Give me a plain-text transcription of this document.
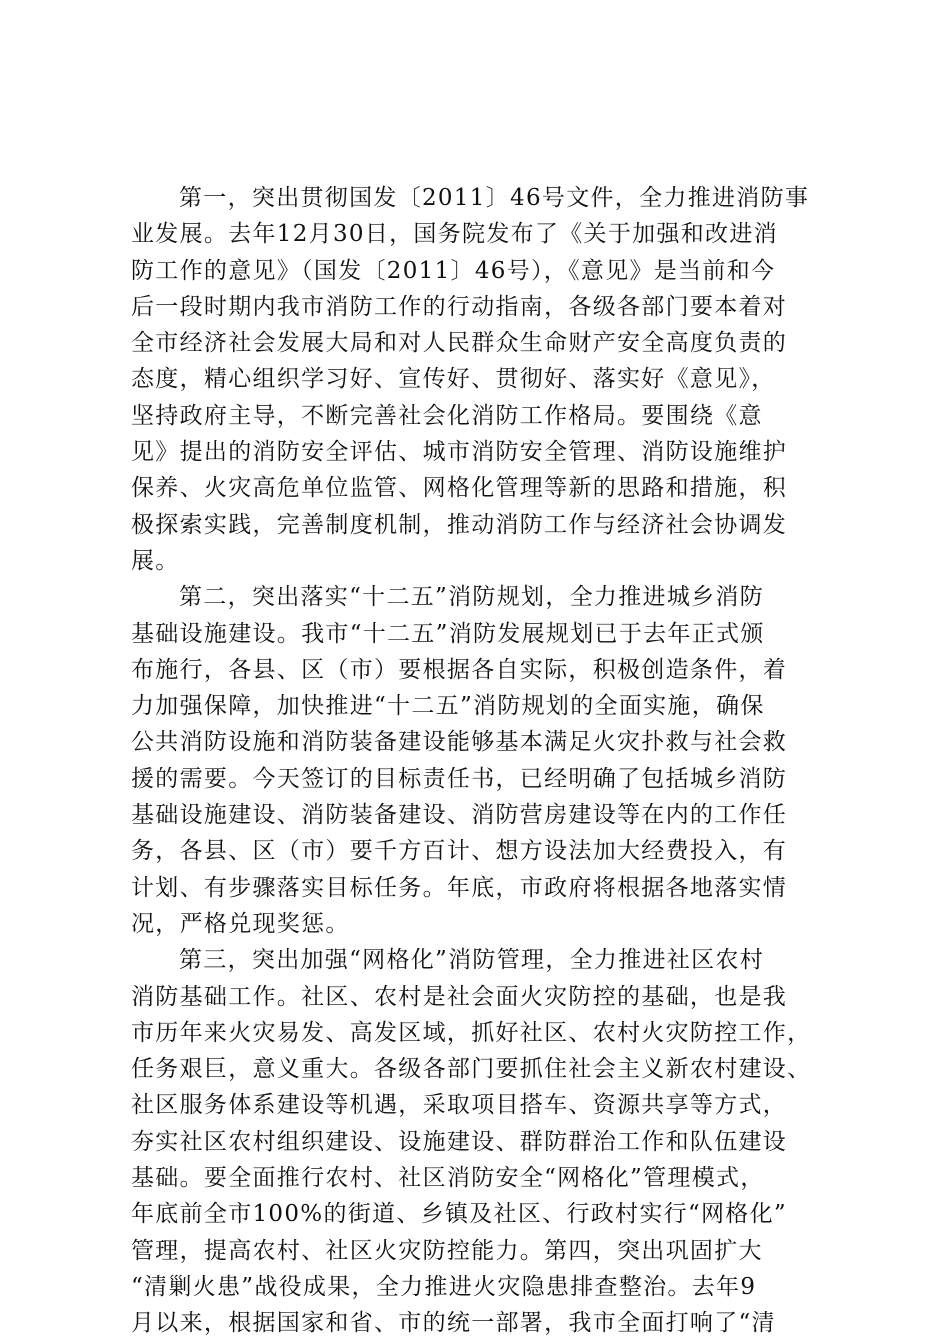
第一，突出贯彻国发〔2011〕46号文件，全力推进消防事
业发展。去年12月30日，国务院发布了《关于加强和改进消
防工作的意见》（国发〔2011〕46号），《意见》是当前和今
后一段时期内我市消防工作的行动指南，各级各部门要本着对
全市经济社会发展大局和对人民群众生命财产安全高度负责的
态度，精心组织学习好、宣传好、贯彻好、落实好《意见》，
坚持政府主导，不断完善社会化消防工作格局。要围绕《意
见》提出的消防安全评估、城市消防安全管理、消防设施维护
保养、火灾高危单位监管、网格化管理等新的思路和措施，积
极探索实践，完善制度机制，推动消防工作与经济社会协调发
展。
第二，突出落实“十二五”消防规划，全力推进城乡消防
基础设施建设。我市“十二五”消防发展规划已于去年正式颁
布施行，各县、区（市）要根据各自实际，积极创造条件，着
力加强保障，加快推进“十二五”消防规划的全面实施，确保
公共消防设施和消防装备建设能够基本满足火灾扑救与社会救
援的需要。今天签订的目标责任书，已经明确了包括城乡消防
基础设施建设、消防装备建设、消防营房建设等在内的工作任
务，各县、区（市）要千方百计、想方设法加大经费投入，有
计划、有步骤落实目标任务。年底，市政府将根据各地落实情
况，严格兑现奖惩。
第三，突出加强“网格化”消防管理，全力推进社区农村
消防基础工作。社区、农村是社会面火灾防控的基础，也是我
市历年来火灾易发、高发区域，抓好社区、农村火灾防控工作，
任务艰巨，意义重大。各级各部门要抓住社会主义新农村建设、
社区服务体系建设等机遇，采取项目搭车、资源共享等方式，
夯实社区农村组织建设、设施建设、群防群治工作和队伍建设
基础。要全面推行农村、社区消防安全“网格化”管理模式，
年底前全市100%的街道、乡镇及社区、行政村实行“网格化”
管理，提高农村、社区火灾防控能力。第四，突出巩固扩大
“清剿火患”战役成果，全力推进火灾隐患排查整治。去年9
月以来，根据国家和省、市的统一部署，我市全面打响了“清
